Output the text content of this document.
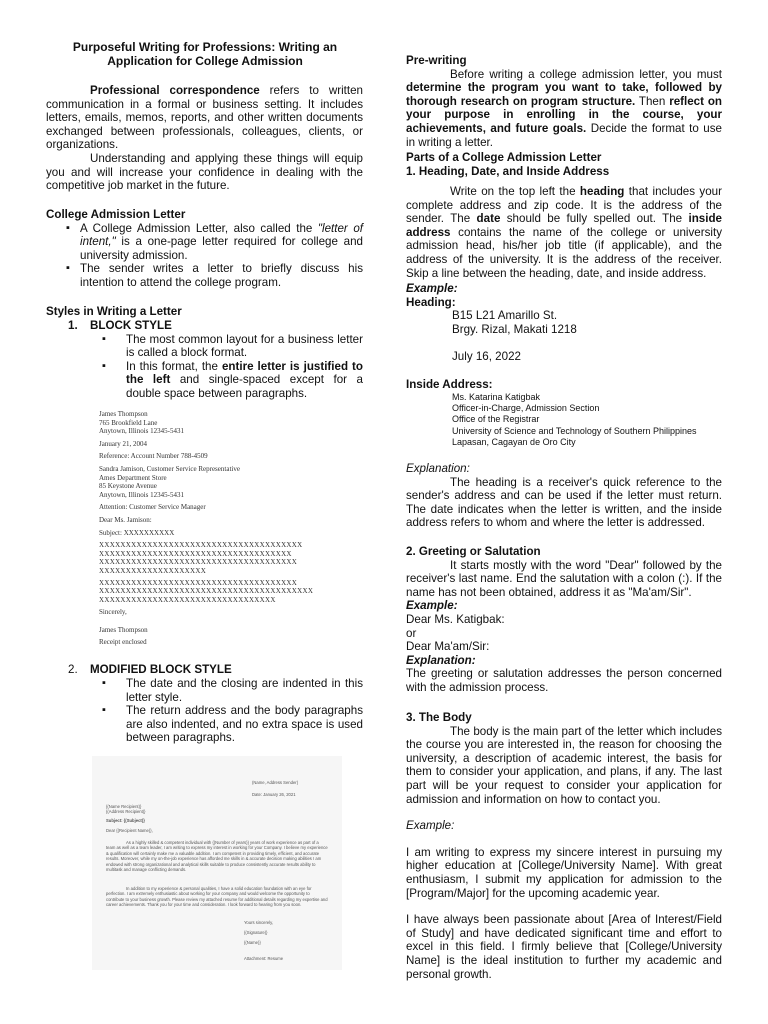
Purposeful Writing for Professions: Writing an
Application for College Admission

Professional correspondence refers to written communication in a formal or business setting. It includes letters, emails, memos, reports, and other written documents exchanged between professionals, colleagues, clients, or organizations.

Understanding and applying these things will equip you and will increase your confidence in dealing with the competitive job market in the future.

College Admission Letter

▪ A College Admission Letter, also called the "letter of intent," is a one-page letter required for college and university admission.
▪ The sender writes a letter to briefly discuss his intention to attend the college program.

Styles in Writing a Letter

1. BLOCK STYLE
▪ The most common layout for a business letter is called a block format.
▪ In this format, the entire letter is justified to the left and single-spaced except for a double space between paragraphs.

James Thompson

765 Brookfield Lane

Anytown, Illinois 12345-5431

January 21, 2004

Reference: Account Number 788-4509

Sandra Jamison, Customer Service Representative

Ames Department Store

85 Keystone Avenue

Anytown, Illinois 12345-5431

Attention: Customer Service Manager

Dear Ms. Jamison:

Subject: XXXXXXXXXX

XXXXXXXXXXXXXXXXXXXXXXXXXXXXXXXXXXXXXX

XXXXXXXXXXXXXXXXXXXXXXXXXXXXXXXXXXXX

XXXXXXXXXXXXXXXXXXXXXXXXXXXXXXXXXXXXX

XXXXXXXXXXXXXXXXXXXX

XXXXXXXXXXXXXXXXXXXXXXXXXXXXXXXXXXXXX

XXXXXXXXXXXXXXXXXXXXXXXXXXXXXXXXXXXXXXXX

XXXXXXXXXXXXXXXXXXXXXXXXXXXXXXXXX

Sincerely,

James Thompson

Receipt enclosed

2. MODIFIED BLOCK STYLE
▪ The date and the closing are indented in this letter style.
▪ The return address and the body paragraphs are also indented, and no extra space is used between paragraphs.
(Name, Address Sender)
Date: January 26, 2021
{(Name Recipient)}
{(Address Recipient)}
Subject: {(Subject)}
Dear {(Recipient Name)},
As a highly skilled & competent individual with {(Number of years)} years of work experience as part of a team as well as a team leader, I am writing to express my interest in working for your Company. I believe my experience & qualification will certainly make me a valuable addition. I am competent in providing timely, efficient, and accurate results. Moreover, while my on-the-job experience has afforded me skills in & accurate decision making abilities I am endowed with strong organizational and analytical skills suitable to produce consistently accurate results ability to multitask and manage conflicting demands.
In addition to my experience & personal qualities, I have a solid education foundation with an eye for perfection. I am extremely enthusiastic about working for your company and would welcome the opportunity to contribute to your business growth. Please review my attached resume for additional details regarding my expertise and career achievements. Thank you for your time and consideration. I look forward to hearing from you soon.
Yours sincerely,
{(Signature)}
{(Name)}
Attachment: Resume

Pre-writing

Before writing a college admission letter, you must determine the program you want to take, followed by thorough research on program structure. Then reflect on your purpose in enrolling in the course, your achievements, and future goals. Decide the format to use in writing a letter.

Parts of a College Admission Letter

1. Heading, Date, and Inside Address

Write on the top left the heading that includes your complete address and zip code. It is the address of the sender. The date should be fully spelled out. The inside address contains the name of the college or university admission head, his/her job title (if applicable), and the address of the university. It is the address of the receiver. Skip a line between the heading, date, and inside address.

Example:

Heading:

B15 L21 Amarillo St.

Brgy. Rizal, Makati 1218

July 16, 2022

Inside Address:

Ms. Katarina Katigbak

Officer-in-Charge, Admission Section

Office of the Registrar

University of Science and Technology of Southern Philippines

Lapasan, Cagayan de Oro City

Explanation:

The heading is a receiver's quick reference to the sender's address and can be used if the letter must return. The date indicates when the letter is written, and the inside address refers to whom and where the letter is addressed.

2. Greeting or Salutation

It starts mostly with the word "Dear" followed by the receiver's last name. End the salutation with a colon (:). If the name has not been obtained, address it as "Ma'am/Sir".

Example:

Dear Ms. Katigbak:

or

Dear Ma'am/Sir:

Explanation:

The greeting or salutation addresses the person concerned with the admission process.

3. The Body

The body is the main part of the letter which includes the course you are interested in, the reason for choosing the university, a description of academic interest, the basis for them to consider your application, and plans, if any. The last part will be your request to consider your application for admission and information on how to contact you.

Example:

I am writing to express my sincere interest in pursuing my higher education at [College/University Name]. With great enthusiasm, I submit my application for admission to the [Program/Major] for the upcoming academic year.

I have always been passionate about [Area of Interest/Field of Study] and have dedicated significant time and effort to excel in this field. I firmly believe that [College/University Name] is the ideal institution to further my academic and personal growth.
